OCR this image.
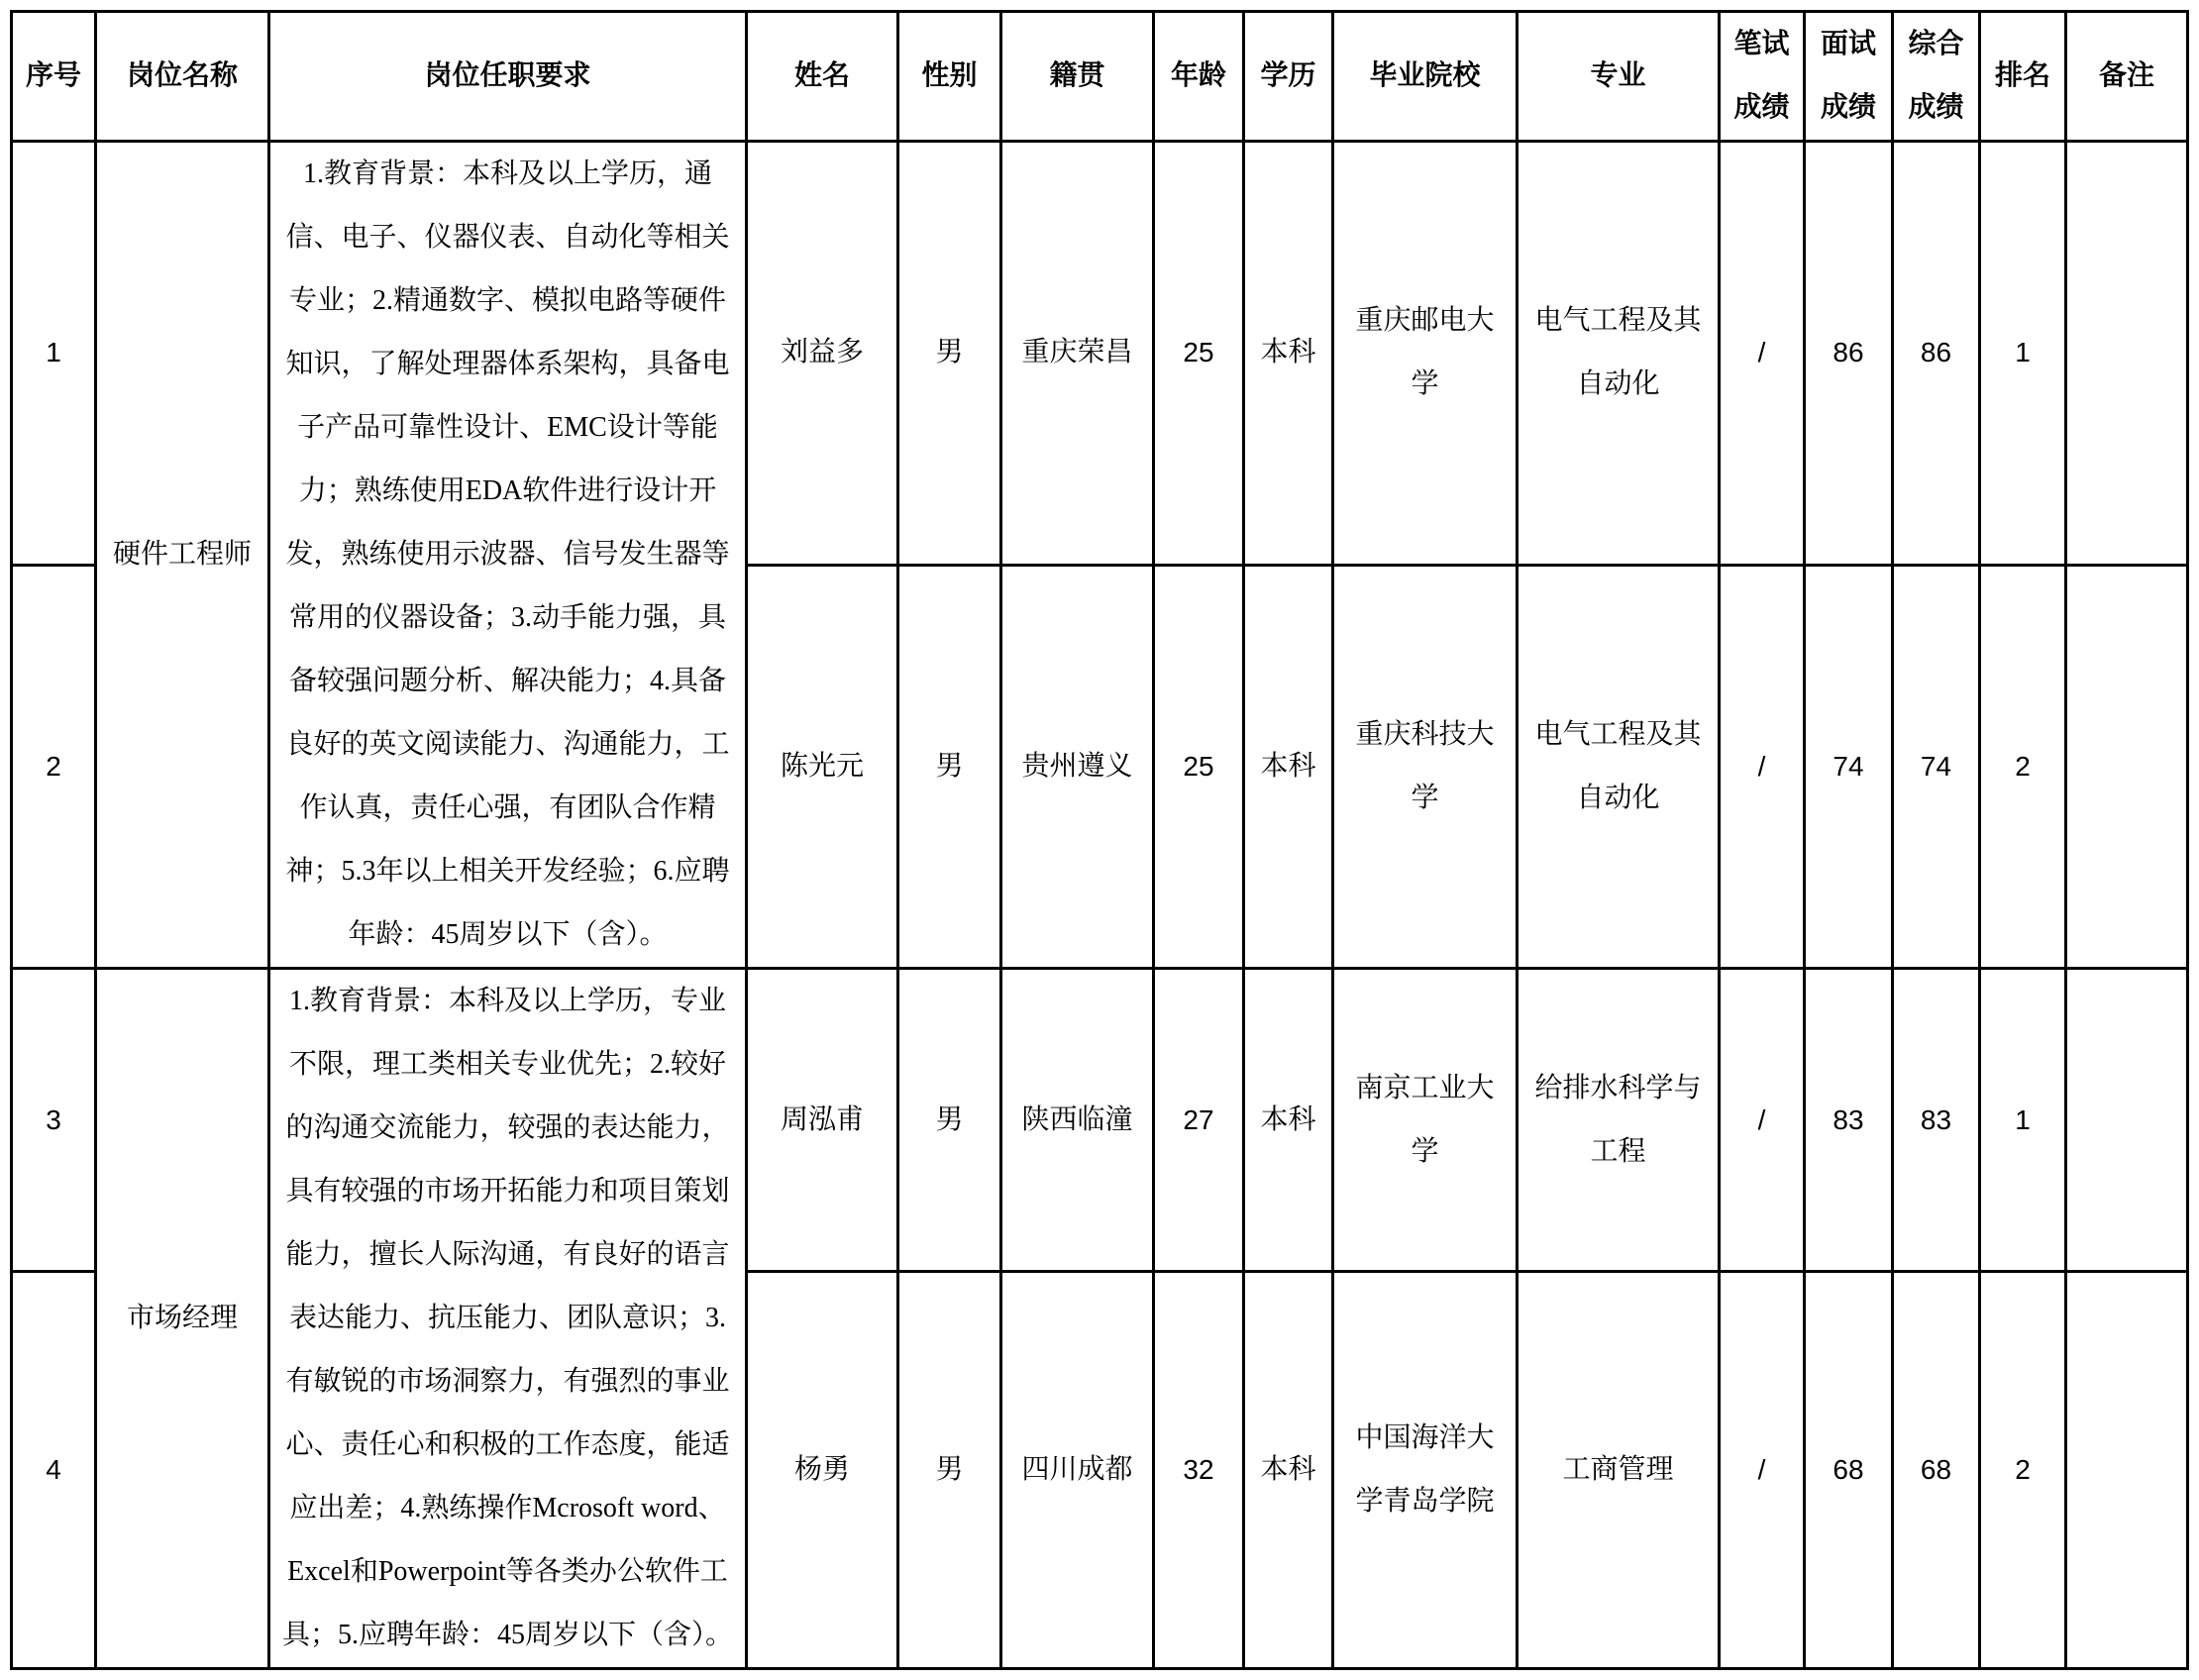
序号	岗位名称	岗位任职要求	姓名	性别	籍贯	年龄	学历	毕业院校	专业	笔试成绩	面试成绩	综合成绩	排名	备注
1	硬件工程师	1.教育背景：本科及以上学历，通信、电子、仪器仪表、自动化等相关专业；2.精通数字、模拟电路等硬件知识，了解处理器体系架构，具备电子产品可靠性设计、EMC设计等能力；熟练使用EDA软件进行设计开发，熟练使用示波器、信号发生器等常用的仪器设备；3.动手能力强，具备较强问题分析、解决能力；4.具备良好的英文阅读能力、沟通能力，工作认真，责任心强，有团队合作精神；5.3年以上相关开发经验；6.应聘年龄：45周岁以下（含）。	刘益多	男	重庆荣昌	25	本科	重庆邮电大学	电气工程及其自动化	/	86	86	1	
2			陈光元	男	贵州遵义	25	本科	重庆科技大学	电气工程及其自动化	/	74	74	2	
3	市场经理	1.教育背景：本科及以上学历，专业不限，理工类相关专业优先；2.较好的沟通交流能力，较强的表达能力，具有较强的市场开拓能力和项目策划能力，擅长人际沟通，有良好的语言表达能力、抗压能力、团队意识；3.有敏锐的市场洞察力，有强烈的事业心、责任心和积极的工作态度，能适应出差；4.熟练操作Mcrosoft word、Excel和Powerpoint等各类办公软件工具；5.应聘年龄：45周岁以下（含）。	周泓甫	男	陕西临潼	27	本科	南京工业大学	给排水科学与工程	/	83	83	1	
4			杨勇	男	四川成都	32	本科	中国海洋大学青岛学院	工商管理	/	68	68	2	
